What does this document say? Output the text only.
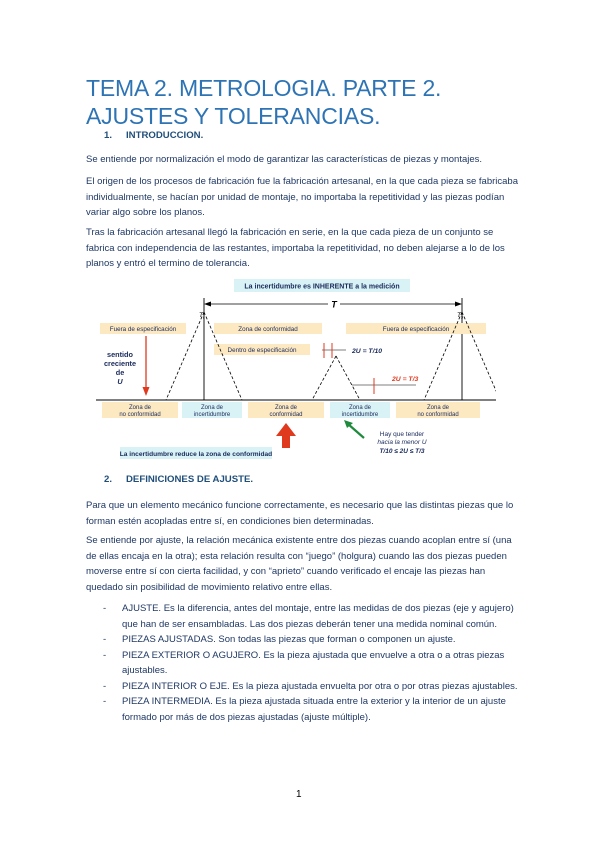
TEMA 2. METROLOGIA. PARTE 2. AJUSTES Y TOLERANCIAS.
1. INTRODUCCION.
Se entiende por normalización el modo de garantizar las características de piezas y montajes.
El origen de los procesos de fabricación fue la fabricación artesanal, en la que cada pieza se fabricaba individualmente, se hacían por unidad de montaje, no importaba la repetitividad y las piezas podían variar algo sobre los planos.
Tras la fabricación artesanal llegó la fabricación en serie, en la que cada pieza de un conjunto se fabrica con independencia de las restantes, importaba la repetitividad, no deben alejarse a lo de los planos y entró el termino de tolerancia.
La incertidumbre es INHERENTE a la medición
T
$T_i$	$T_s$
Fuera de especificación	Zona de conformidad	Fuera de especificación
Dentro de especificación
sentido
creciente
de
U
2U = T/10
2U = T/3
Zona de
no conformidad
Zona de
incertidumbre
Zona de
conformidad
Zona de
incertidumbre
Zona de
no conformidad
Hay que tender
hacia la menor U
T/10 ≤ 2U ≤ T/3
La incertidumbre reduce la zona de conformidad
2. DEFINICIONES DE AJUSTE.
Para que un elemento mecánico funcione correctamente, es necesario que las distintas piezas que lo forman estén acopladas entre sí, en condiciones bien determinadas.
Se entiende por ajuste, la relación mecánica existente entre dos piezas cuando acoplan entre sí (una de ellas encaja en la otra); esta relación resulta con “juego” (holgura) cuando las dos piezas pueden moverse entre sí con cierta facilidad, y con “aprieto” cuando verificado el encaje las piezas han quedado sin posibilidad de movimiento relativo entre ellas.
- AJUSTE. Es la diferencia, antes del montaje, entre las medidas de dos piezas (eje y agujero) que han de ser ensambladas. Las dos piezas deberán tener una medida nominal común.
- PIEZAS AJUSTADAS. Son todas las piezas que forman o componen un ajuste.
- PIEZA EXTERIOR O AGUJERO. Es la pieza ajustada que envuelve a otra o a otras piezas ajustables.
- PIEZA INTERIOR O EJE. Es la pieza ajustada envuelta por otra o por otras piezas ajustables.
- PIEZA INTERMEDIA. Es la pieza ajustada situada entre la exterior y la interior de un ajuste formado por más de dos piezas ajustadas (ajuste múltiple).
1
